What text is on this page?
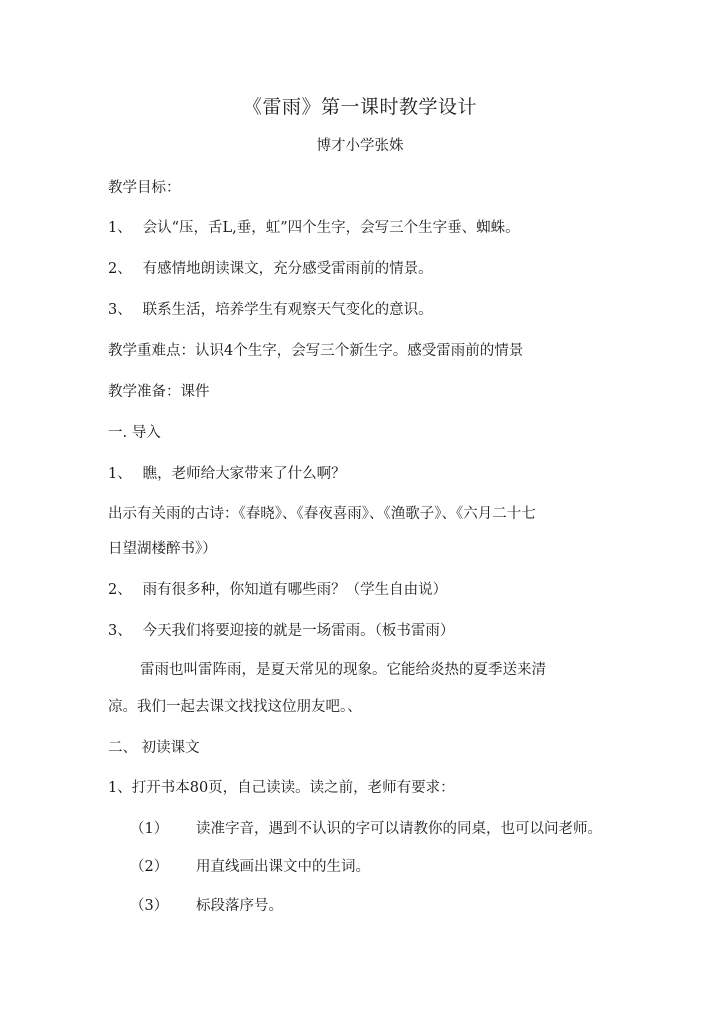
《雷雨》第一课时教学设计
博才小学张姝
教学目标：
1、 会认“压，舌L,垂，虹”四个生字，会写三个生字垂、蜘蛛。
2、 有感情地朗读课文，充分感受雷雨前的情景。
3、 联系生活，培养学生有观察天气变化的意识。
教学重难点：认识4个生字，会写三个新生字。感受雷雨前的情景
教学准备：课件
一. 导入
1、 瞧，老师给大家带来了什么啊？
出示有关雨的古诗：《春晓》、《春夜喜雨》、《渔歌子》、《六月二十七
日望湖楼醉书》）
2、 雨有很多种，你知道有哪些雨？（学生自由说）
3、 今天我们将要迎接的就是一场雷雨。（板书雷雨）
雷雨也叫雷阵雨，是夏天常见的现象。它能给炎热的夏季送来清
凉。我们一起去课文找找这位朋友吧。、
二、 初读课文
1、打开书本80页，自己读读。读之前，老师有要求：
（1） 读准字音，遇到不认识的字可以请教你的同桌，也可以问老师。
（2） 用直线画出课文中的生词。
（3） 标段落序号。
